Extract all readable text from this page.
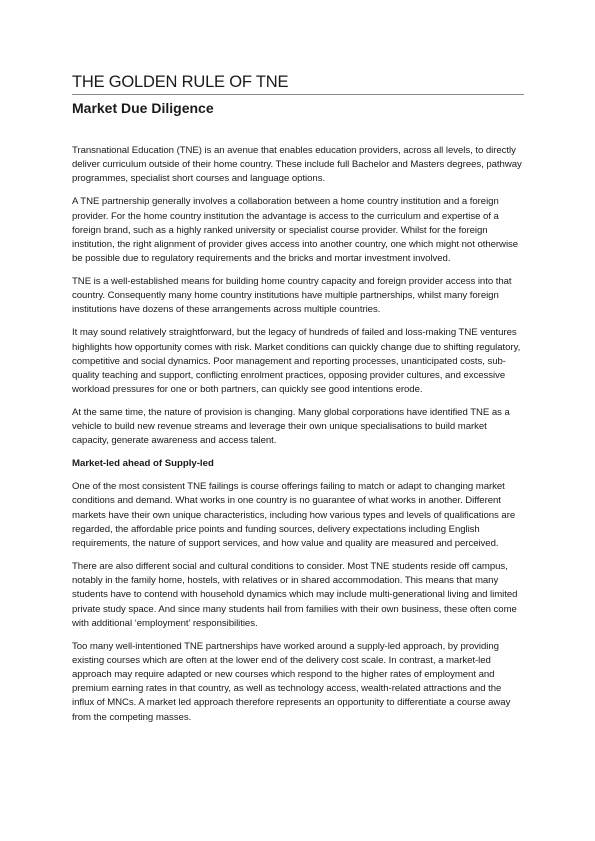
THE GOLDEN RULE OF TNE
Market Due Diligence

Transnational Education (TNE) is an avenue that enables education providers, across all levels, to directly deliver curriculum outside of their home country. These include full Bachelor and Masters degrees, pathway programmes, specialist short courses and language options.

A TNE partnership generally involves a collaboration between a home country institution and a foreign provider. For the home country institution the advantage is access to the curriculum and expertise of a foreign brand, such as a highly ranked university or specialist course provider. Whilst for the foreign institution, the right alignment of provider gives access into another country, one which might not otherwise be possible due to regulatory requirements and the bricks and mortar investment involved.

TNE is a well-established means for building home country capacity and foreign provider access into that country. Consequently many home country institutions have multiple partnerships, whilst many foreign institutions have dozens of these arrangements across multiple countries.

It may sound relatively straightforward, but the legacy of hundreds of failed and loss-making TNE ventures highlights how opportunity comes with risk. Market conditions can quickly change due to shifting regulatory, competitive and social dynamics. Poor management and reporting processes, unanticipated costs, sub-quality teaching and support, conflicting enrolment practices, opposing provider cultures, and excessive workload pressures for one or both partners, can quickly see good intentions erode.

At the same time, the nature of provision is changing. Many global corporations have identified TNE as a vehicle to build new revenue streams and leverage their own unique specialisations to build market capacity, generate awareness and access talent.

Market-led ahead of Supply-led

One of the most consistent TNE failings is course offerings failing to match or adapt to changing market conditions and demand. What works in one country is no guarantee of what works in another. Different markets have their own unique characteristics, including how various types and levels of qualifications are regarded, the affordable price points and funding sources, delivery expectations including English requirements, the nature of support services, and how value and quality are measured and perceived.

There are also different social and cultural conditions to consider. Most TNE students reside off campus, notably in the family home, hostels, with relatives or in shared accommodation. This means that many students have to contend with household dynamics which may include multi-generational living and limited private study space. And since many students hail from families with their own business, these often come with additional ‘employment’ responsibilities.

Too many well-intentioned TNE partnerships have worked around a supply-led approach, by providing existing courses which are often at the lower end of the delivery cost scale. In contrast, a market-led approach may require adapted or new courses which respond to the higher rates of employment and premium earning rates in that country, as well as technology access, wealth-related attractions and the influx of MNCs. A market led approach therefore represents an opportunity to differentiate a course away from the competing masses.
